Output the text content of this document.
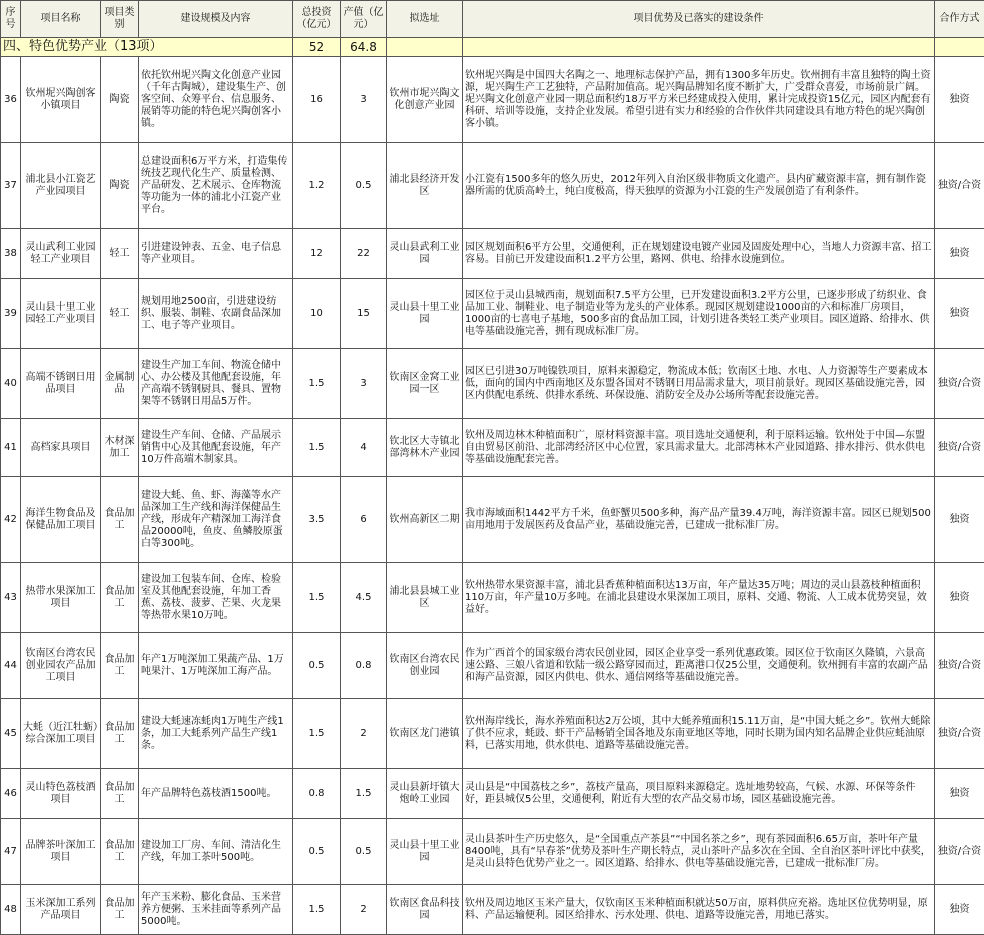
序号	项目名称	项目类别	建设规模及内容	总投资（亿元）	产值（亿元）	拟选址	项目优势及已落实的建设条件	合作方式
四、特色优势产业（13项）				52	64.8			
36	钦州坭兴陶创客小镇项目	陶瓷	依托钦州坭兴陶文化创意产业园（千年古陶城），建设集生产、创客空间、众筹平台、信息服务、展销等功能的特色坭兴陶创客小镇。	16	3	钦州市坭兴陶文化创意产业园	钦州坭兴陶是中国四大名陶之一、地理标志保护产品，拥有1300多年历史。钦州拥有丰富且独特的陶土资源，坭兴陶生产工艺独特，产品附加值高。坭兴陶品牌知名度不断扩大，广受群众喜爱，市场前景广阔。坭兴陶文化创意产业园一期总面积约18万平方米已经建成投入使用，累计完成投资15亿元，园区内配套有科研、培训等设施，支持企业发展。希望引进有实力和经验的合作伙伴共同建设具有地方特色的坭兴陶创客小镇。	独资
37	浦北县小江瓷艺产业园项目	陶瓷	总建设面积6万平方米，打造集传统技艺现代化生产、质量检测、产品研发、艺术展示、仓库物流等功能为一体的浦北小江瓷产业平台。	1.2	0.5	浦北县经济开发区	小江瓷有1500多年的悠久历史，2012年列入自治区级非物质文化遗产。县内矿藏资源丰富，拥有制作瓷器所需的优质高岭土，纯白度极高，得天独厚的资源为小江瓷的生产发展创造了有利条件。	独资/合资
38	灵山武利工业园轻工产业项目	轻工	引进建设钟表、五金、电子信息等产业项目。	12	22	灵山县武利工业园	园区规划面积6平方公里，交通便利，正在规划建设电镀产业园及固废处理中心，当地人力资源丰富、招工容易。目前已开发建设面积1.2平方公里，路网、供电、给排水设施到位。	独资
39	灵山县十里工业园轻工产业项目	轻工	规划用地2500亩，引进建设纺织、服装、制鞋、农副食品深加工、电子等产业项目。	10	15	灵山县十里工业园	园区位于灵山县城西南，规划面积7.5平方公里，已开发建设面积3.2平方公里，已逐步形成了纺织业、食品加工业、制鞋业、电子制造业等为龙头的产业体系。现园区规划建设1000亩的六和标准厂房项目，1000亩的七喜电子基地，500多亩的食品加工园，计划引进各类轻工类产业项目。园区道路、给排水、供电等基础设施完善，拥有现成标准厂房。	独资
40	高端不锈钢日用品项目	金属制品	建设生产加工车间、物流仓储中心、办公楼及其他配套设施，年产高端不锈钢厨具、餐具、置物架等不锈钢日用品5万件。	1.5	3	钦南区金窝工业园一区	园区已引进30万吨镍铁项目，原料来源稳定，物流成本低；钦南区土地、水电、人力资源等生产要素成本低，面向的国内中西南地区及东盟各国对不锈钢日用品需求量大，项目前景好。现园区基础设施完善，园区内供配电系统、供排水系统、环保设施、消防安全及办公场所等配套设施完善。	独资/合资
41	高档家具项目	木材深加工	建设生产车间、仓储、产品展示销售中心及其他配套设施，年产10万件高端木制家具。	1.5	4	钦北区大寺镇北部湾林木产业园	钦州及周边林木种植面积广，原材料资源丰富。项目选址交通便利，利于原料运输。钦州处于中国—东盟自由贸易区前沿、北部湾经济区中心位置，家具需求量大。北部湾林木产业园道路、排水排污、供水供电等基础设施配套完善。	独资/合资
42	海洋生物食品及保健品加工项目	食品加工	建设大蚝、鱼、虾、海藻等水产品深加工生产线和海洋保健品生产线，形成年产精深加工海洋食品20000吨，鱼皮、鱼鳞胶原蛋白等300吨。	3.5	6	钦州高新区二期	我市海域面积1442平方千米，鱼虾蟹贝500多种，海产品产量39.4万吨，海洋资源丰富。园区已规划500亩用地用于发展医药及食品产业，基础设施完善，已建成一批标准厂房。	独资
43	热带水果深加工项目	食品加工	建设加工包装车间、仓库、检验室及其他配套设施，年加工香蕉、荔枝、菠萝、芒果、火龙果等热带水果10万吨。	1.5	4.5	浦北县县城工业区	钦州热带水果资源丰富，浦北县香蕉种植面积达13万亩，年产量达35万吨；周边的灵山县荔枝种植面积110万亩，年产量10万多吨。在浦北县建设水果深加工项目，原料、交通、物流、人工成本优势突显，效益好。	独资
44	钦南区台湾农民创业园农产品加工项目	食品加工	年产1万吨深加工果蔬产品、1万吨果汁、1万吨深加工海产品。	0.5	0.8	钦南区台湾农民创业园	作为广西首个的国家级台湾农民创业园，园区企业享受一系列优惠政策。园区位于钦南区久隆镇，六景高速公路、三娘八省道和钦陆一级公路穿园而过，距离港口仅25公里，交通便利。钦州拥有丰富的农副产品和海产品资源，园区内供电、供水、通信网络等基础设施完善。	独资/合资
45	大蚝（近江牡蛎）综合深加工项目	食品加工	建设大蚝速冻蚝肉1万吨生产线1条，加工大蚝系列产品生产线1条。	1.5	2	钦南区龙门港镇	钦州海岸线长，海水养殖面积达2万公顷，其中大蚝养殖面积15.11万亩，是“中国大蚝之乡”。钦州大蚝除了供不应求，蚝豉、虾干产品畅销全国各地及东南亚地区等地，同时长期为国内知名品牌企业供应蚝油原料，已落实用地，供水供电、道路等基础设施完善。	独资/合资
46	灵山特色荔枝酒项目	食品加工	年产品牌特色荔枝酒1500吨。	0.8	1.5	灵山县新圩镇大炮岭工业园	灵山县是“中国荔枝之乡”，荔枝产量高，项目原料来源稳定。选址地势较高，气候、水源、环保等条件好，距县城仅5公里，交通便利，附近有大型的农产品交易市场，园区基础设施完善。	独资
47	品牌茶叶深加工项目	食品加工	建设加工厂房、车间、清洁化生产线，年加工茶叶500吨。	0.5	0.5	灵山县十里工业园	灵山县茶叶生产历史悠久，是“全国重点产茶县”“中国名茶之乡”，现有茶园面积6.65万亩，茶叶年产量8400吨，具有“早春茶”优势及茶叶生产期长特点，灵山茶叶产品多次在全国、全自治区茶叶评比中获奖，是灵山县特色优势产业之一。园区道路、给排水、供电等基础设施完善，已建成一批标准厂房。	独资/合资
48	玉米深加工系列产品项目	食品加工	年产玉米粉、膨化食品、玉米营养方便粥、玉米挂面等系列产品5000吨。	1.5	2	钦南区食品科技园	钦州及周边地区玉米产量大，仅钦南区玉米种植面积就达50万亩，原料供应充裕。选址区位优势明显，原料、产品运输便利。园区给排水、污水处理、供电、道路等设施完善，用地已落实。	独资
